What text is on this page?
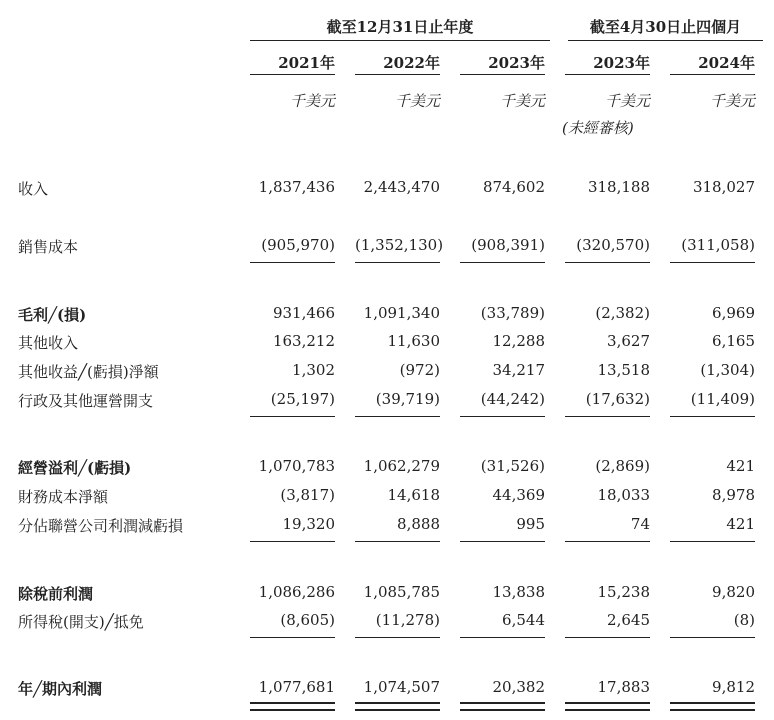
截至12月31日止年度	截至4月30日止四個月
2021年	2022年	2023年	2023年	2024年
千美元	千美元	千美元	千美元	千美元
(未經審核)
收入	1,837,436	2,443,470	874,602	318,188	318,027
銷售成本	(905,970) (1,352,130)	(908,391)	(320,570)	(311,058)
毛利╱(損)	931,466	1,091,340	(33,789)	(2,382)	6,969
其他收入	163,212	11,630	12,288	3,627	6,165
其他收益╱(虧損)淨額	1,302	(972)	34,217	13,518	(1,304)
行政及其他運營開支	(25,197)	(39,719)	(44,242)	(17,632)	(11,409)
經營溢利╱(虧損)	1,070,783	1,062,279	(31,526)	(2,869)	421
財務成本淨額	(3,817)	14,618	44,369	18,033	8,978
分佔聯營公司利潤減虧損	19,320	8,888	995	74	421
除稅前利潤	1,086,286	1,085,785	13,838	15,238	9,820
所得稅(開支)╱抵免	(8,605)	(11,278)	6,544	2,645	(8)
年╱期內利潤	1,077,681	1,074,507	20,382	17,883	9,812
